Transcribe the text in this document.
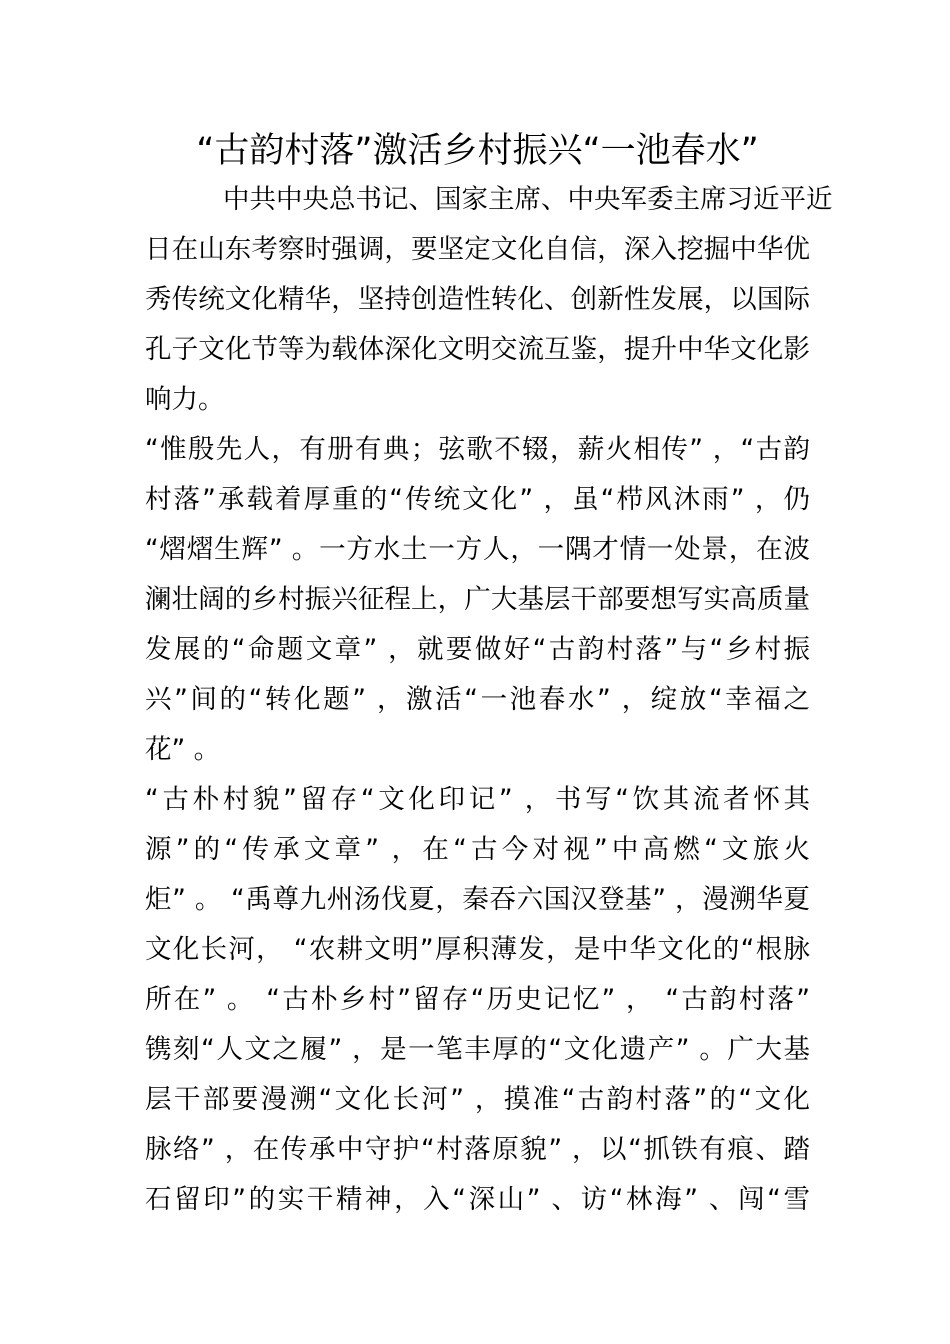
“古韵村落”激活乡村振兴“一池春水”
中共中央总书记、国家主席、中央军委主席习近平近
日在山东考察时强调，要坚定文化自信，深入挖掘中华优
秀传统文化精华，坚持创造性转化、创新性发展，以国际
孔子文化节等为载体深化文明交流互鉴，提升中华文化影
响力。
“惟殷先人，有册有典；弦歌不辍，薪火相传” ，“古韵
村落”承载着厚重的“传统文化” ，虽“栉风沐雨” ，仍
“熠熠生辉” 。一方水土一方人，一隅才情一处景，在波
澜壮阔的乡村振兴征程上，广大基层干部要想写实高质量
发展的“命题文章” ，就要做好“古韵村落”与“乡村振
兴”间的“转化题” ，激活“一池春水” ，绽放“幸福之
花” 。
“古朴村貌”留存“文化印记” ，书写“饮其流者怀其
源”的“传承文章” ，在“古今对视”中高燃“文旅火
炬” 。 “禹尊九州汤伐夏，秦吞六国汉登基” ，漫溯华夏
文化长河， “农耕文明”厚积薄发，是中华文化的“根脉
所在” 。 “古朴乡村”留存“历史记忆” ， “古韵村落”
镌刻“人文之履” ，是一笔丰厚的“文化遗产” 。广大基
层干部要漫溯“文化长河” ，摸准“古韵村落”的“文化
脉络” ，在传承中守护“村落原貌” ，以“抓铁有痕、踏
石留印”的实干精神，入“深山” 、访“林海” 、闯“雪
